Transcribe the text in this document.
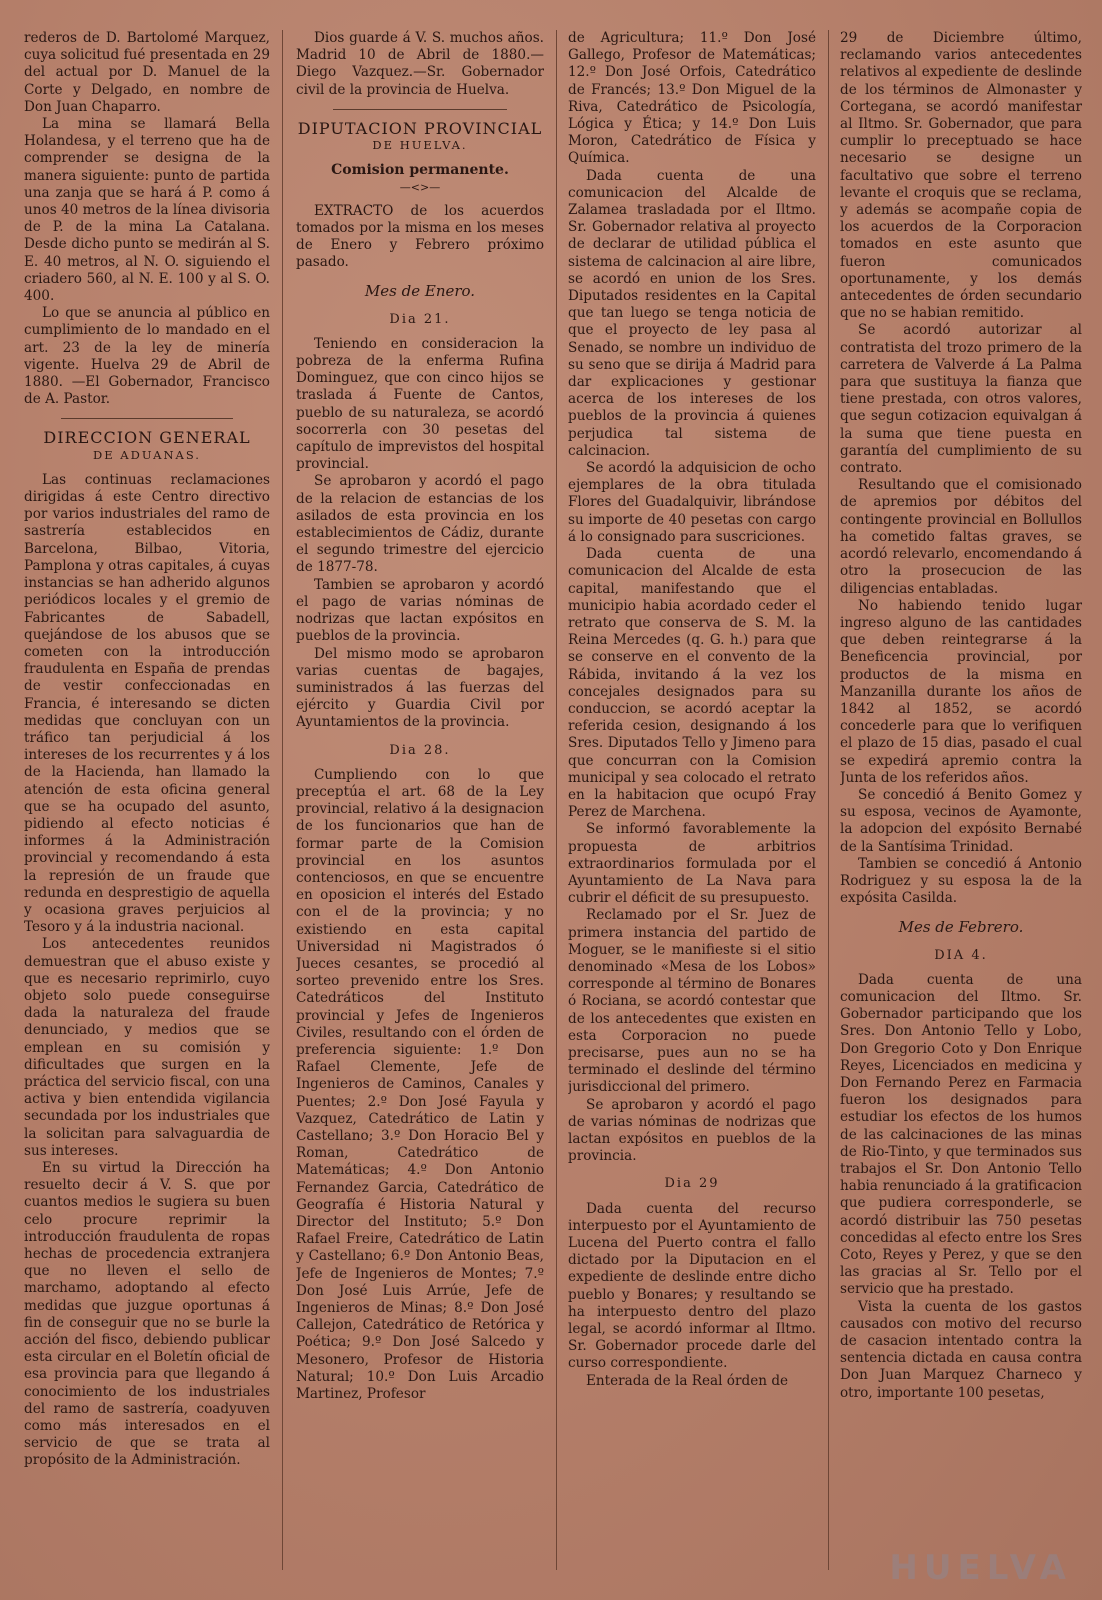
rederos de D. Bartolomé Marquez, cuya solicitud fué presentada en 29 del actual por D. Manuel de la Corte y Delgado, en nombre de Don Juan Chaparro.

La mina se llamará Bella Holandesa, y el terreno que ha de comprender se designa de la manera siguiente: punto de partida una zanja que se hará á P. como á unos 40 metros de la línea divisoria de P. de la mina La Catalana. Desde dicho punto se medirán al S. E. 40 metros, al N. O. siguiendo el criadero 560, al N. E. 100 y al S. O. 400.

Lo que se anuncia al público en cumplimiento de lo mandado en el art. 23 de la ley de minería vigente. Huelva 29 de Abril de 1880. —El Gobernador, Francisco de A. Pastor.

DIRECCION GENERAL
DE ADUANAS.

Las continuas reclamaciones dirigidas á este Centro directivo por varios industriales del ramo de sastrería establecidos en Barcelona, Bilbao, Vitoria, Pamplona y otras capitales, á cuyas instancias se han adherido algunos periódicos locales y el gremio de Fabricantes de Sabadell, quejándose de los abusos que se cometen con la introducción fraudulenta en España de prendas de vestir confeccionadas en Francia, é interesando se dicten medidas que concluyan con un tráfico tan perjudicial á los intereses de los recurrentes y á los de la Hacienda, han llamado la atención de esta oficina general que se ha ocupado del asunto, pidiendo al efecto noticias é informes á la Administración provincial y recomendando á esta la represión de un fraude que redunda en desprestigio de aquella y ocasiona graves perjuicios al Tesoro y á la industria nacional.

Los antecedentes reunidos demuestran que el abuso existe y que es necesario reprimirlo, cuyo objeto solo puede conseguirse dada la naturaleza del fraude denunciado, y medios que se emplean en su comisión y dificultades que surgen en la práctica del servicio fiscal, con una activa y bien entendida vigilancia secundada por los industriales que la solicitan para salvaguardia de sus intereses.

En su virtud la Dirección ha resuelto decir á V. S. que por cuantos medios le sugiera su buen celo procure reprimir la introducción fraudulenta de ropas hechas de procedencia extranjera que no lleven el sello de marchamo, adoptando al efecto medidas que juzgue oportunas á fin de conseguir que no se burle la acción del fisco, debiendo publicar esta circular en el Boletín oficial de esa provincia para que llegando á conocimiento de los industriales del ramo de sastrería, coadyuven como más interesados en el servicio de que se trata al propósito de la Administración.

Dios guarde á V. S. muchos años. Madrid 10 de Abril de 1880.—Diego Vazquez.—Sr. Gobernador civil de la provincia de Huelva.

DIPUTACION PROVINCIAL
DE HUELVA.
Comision permanente.
—<>—

EXTRACTO de los acuerdos tomados por la misma en los meses de Enero y Febrero próximo pasado.

Mes de Enero.
Dia 21.

Teniendo en consideracion la pobreza de la enferma Rufina Dominguez, que con cinco hijos se traslada á Fuente de Cantos, pueblo de su naturaleza, se acordó socorrerla con 30 pesetas del capítulo de imprevistos del hospital provincial.

Se aprobaron y acordó el pago de la relacion de estancias de los asilados de esta provincia en los establecimientos de Cádiz, durante el segundo trimestre del ejercicio de 1877-78.

Tambien se aprobaron y acordó el pago de varias nóminas de nodrizas que lactan expósitos en pueblos de la provincia.

Del mismo modo se aprobaron varias cuentas de bagajes, suministrados á las fuerzas del ejército y Guardia Civil por Ayuntamientos de la provincia.

Dia 28.

Cumpliendo con lo que preceptúa el art. 68 de la Ley provincial, relativo á la designacion de los funcionarios que han de formar parte de la Comision provincial en los asuntos contenciosos, en que se encuentre en oposicion el interés del Estado con el de la provincia; y no existiendo en esta capital Universidad ni Magistrados ó Jueces cesantes, se procedió al sorteo prevenido entre los Sres. Catedráticos del Instituto provincial y Jefes de Ingenieros Civiles, resultando con el órden de preferencia siguiente: 1.º Don Rafael Clemente, Jefe de Ingenieros de Caminos, Canales y Puentes; 2.º Don José Fayula y Vazquez, Catedrático de Latin y Castellano; 3.º Don Horacio Bel y Roman, Catedrático de Matemáticas; 4.º Don Antonio Fernandez Garcia, Catedrático de Geografía é Historia Natural y Director del Instituto; 5.º Don Rafael Freire, Catedrático de Latin y Castellano; 6.º Don Antonio Beas, Jefe de Ingenieros de Montes; 7.º Don José Luis Arrúe, Jefe de Ingenieros de Minas; 8.º Don José Callejon, Catedrático de Retórica y Poética; 9.º Don José Salcedo y Mesonero, Profesor de Historia Natural; 10.º Don Luis Arcadio Martinez, Profesor

de Agricultura; 11.º Don José Gallego, Profesor de Matemáticas; 12.º Don José Orfois, Catedrático de Francés; 13.º Don Miguel de la Riva, Catedrático de Psicología, Lógica y Ética; y 14.º Don Luis Moron, Catedrático de Física y Química.

Dada cuenta de una comunicacion del Alcalde de Zalamea trasladada por el Iltmo. Sr. Gobernador relativa al proyecto de declarar de utilidad pública el sistema de calcinacion al aire libre, se acordó en union de los Sres. Diputados residentes en la Capital que tan luego se tenga noticia de que el proyecto de ley pasa al Senado, se nombre un individuo de su seno que se dirija á Madrid para dar explicaciones y gestionar acerca de los intereses de los pueblos de la provincia á quienes perjudica tal sistema de calcinacion.

Se acordó la adquisicion de ocho ejemplares de la obra titulada Flores del Guadalquivir, librándose su importe de 40 pesetas con cargo á lo consignado para suscriciones.

Dada cuenta de una comunicacion del Alcalde de esta capital, manifestando que el municipio habia acordado ceder el retrato que conserva de S. M. la Reina Mercedes (q. G. h.) para que se conserve en el convento de la Rábida, invitando á la vez los concejales designados para su conduccion, se acordó aceptar la referida cesion, designando á los Sres. Diputados Tello y Jimeno para que concurran con la Comision municipal y sea colocado el retrato en la habitacion que ocupó Fray Perez de Marchena.

Se informó favorablemente la propuesta de arbitrios extraordinarios formulada por el Ayuntamiento de La Nava para cubrir el déficit de su presupuesto.

Reclamado por el Sr. Juez de primera instancia del partido de Moguer, se le manifieste si el sitio denominado «Mesa de los Lobos» corresponde al término de Bonares ó Rociana, se acordó contestar que de los antecedentes que existen en esta Corporacion no puede precisarse, pues aun no se ha terminado el deslinde del término jurisdiccional del primero.

Se aprobaron y acordó el pago de varias nóminas de nodrizas que lactan expósitos en pueblos de la provincia.

Dia 29

Dada cuenta del recurso interpuesto por el Ayuntamiento de Lucena del Puerto contra el fallo dictado por la Diputacion en el expediente de deslinde entre dicho pueblo y Bonares; y resultando se ha interpuesto dentro del plazo legal, se acordó informar al Iltmo. Sr. Gobernador procede darle del curso correspondiente.

Enterada de la Real órden de

29 de Diciembre último, reclamando varios antecedentes relativos al expediente de deslinde de los términos de Almonaster y Cortegana, se acordó manifestar al Iltmo. Sr. Gobernador, que para cumplir lo preceptuado se hace necesario se designe un facultativo que sobre el terreno levante el croquis que se reclama, y además se acompañe copia de los acuerdos de la Corporacion tomados en este asunto que fueron comunicados oportunamente, y los demás antecedentes de órden secundario que no se habian remitido.

Se acordó autorizar al contratista del trozo primero de la carretera de Valverde á La Palma para que sustituya la fianza que tiene prestada, con otros valores, que segun cotizacion equivalgan á la suma que tiene puesta en garantía del cumplimiento de su contrato.

Resultando que el comisionado de apremios por débitos del contingente provincial en Bollullos ha cometido faltas graves, se acordó relevarlo, encomendando á otro la prosecucion de las diligencias entabladas.

No habiendo tenido lugar ingreso alguno de las cantidades que deben reintegrarse á la Beneficencia provincial, por productos de la misma en Manzanilla durante los años de 1842 al 1852, se acordó concederle para que lo verifiquen el plazo de 15 dias, pasado el cual se expedirá apremio contra la Junta de los referidos años.

Se concedió á Benito Gomez y su esposa, vecinos de Ayamonte, la adopcion del expósito Bernabé de la Santísima Trinidad.

Tambien se concedió á Antonio Rodriguez y su esposa la de la expósita Casilda.

Mes de Febrero.
DIA 4.

Dada cuenta de una comunicacion del Iltmo. Sr. Gobernador participando que los Sres. Don Antonio Tello y Lobo, Don Gregorio Coto y Don Enrique Reyes, Licenciados en medicina y Don Fernando Perez en Farmacia fueron los designados para estudiar los efectos de los humos de las calcinaciones de las minas de Rio-Tinto, y que terminados sus trabajos el Sr. Don Antonio Tello habia renunciado á la gratificacion que pudiera corresponderle, se acordó distribuir las 750 pesetas concedidas al efecto entre los Sres Coto, Reyes y Perez, y que se den las gracias al Sr. Tello por el servicio que ha prestado.

Vista la cuenta de los gastos causados con motivo del recurso de casacion intentado contra la sentencia dictada en causa contra Don Juan Marquez Charneco y otro, importante 100 pesetas,

HUELVA
